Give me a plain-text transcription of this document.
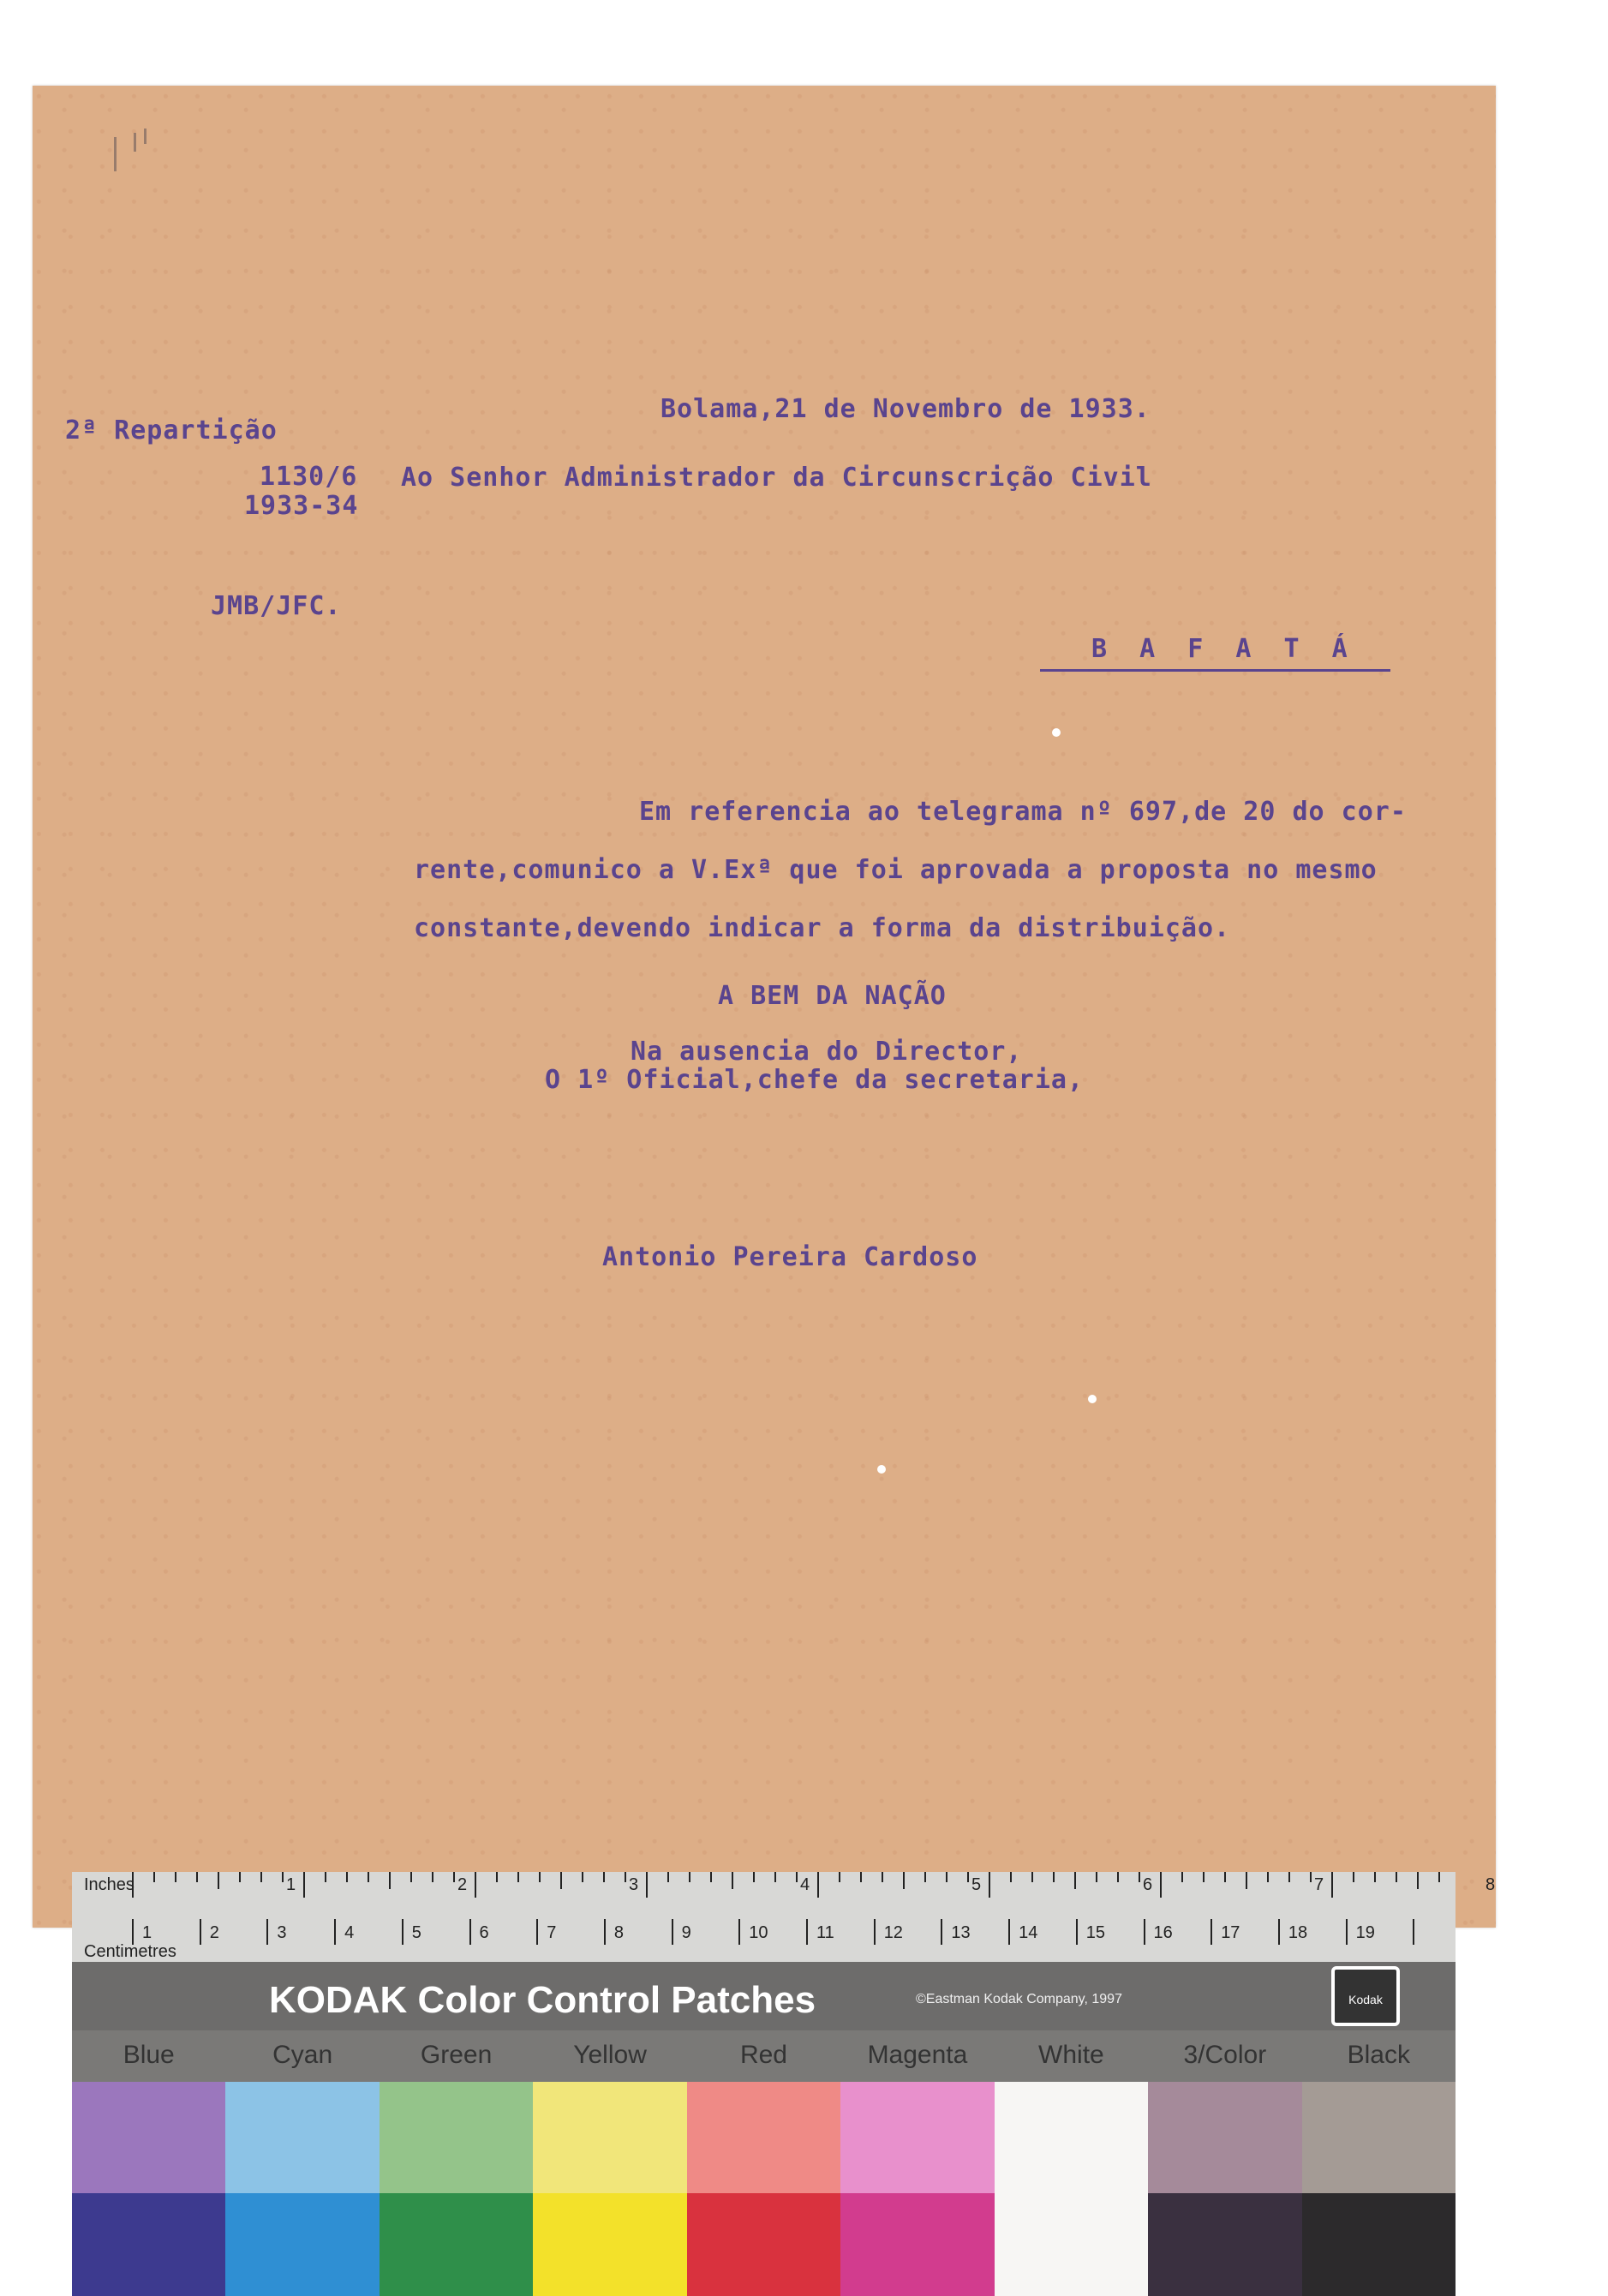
2ª Repartição
Bolama,21 de Novembro de 1933.
1130/6
1933-34
Ao Senhor Administrador da Circunscrição Civil
JMB/JFC.
B A F A T Á
Em referencia ao telegrama nº 697,de 20 do cor-
rente,comunico a V.Exª que foi aprovada a proposta no mesmo
constante,devendo indicar a forma da distribuição.
A BEM DA NAÇÃO
Na ausencia do Director,
O 1º Oficial,chefe da secretaria,
Antonio Pereira Cardoso
Inches
Centimetres
1	2	3	4	5	6	7	8
1	2	3	4	5	6	7	8	9	10	11	12	13	14	15	16	17	18	19
KODAK Color Control Patches	©Eastman Kodak Company, 1997	Kodak
Blue	Cyan	Green	Yellow	Red	Magenta	White	3/Color	Black
